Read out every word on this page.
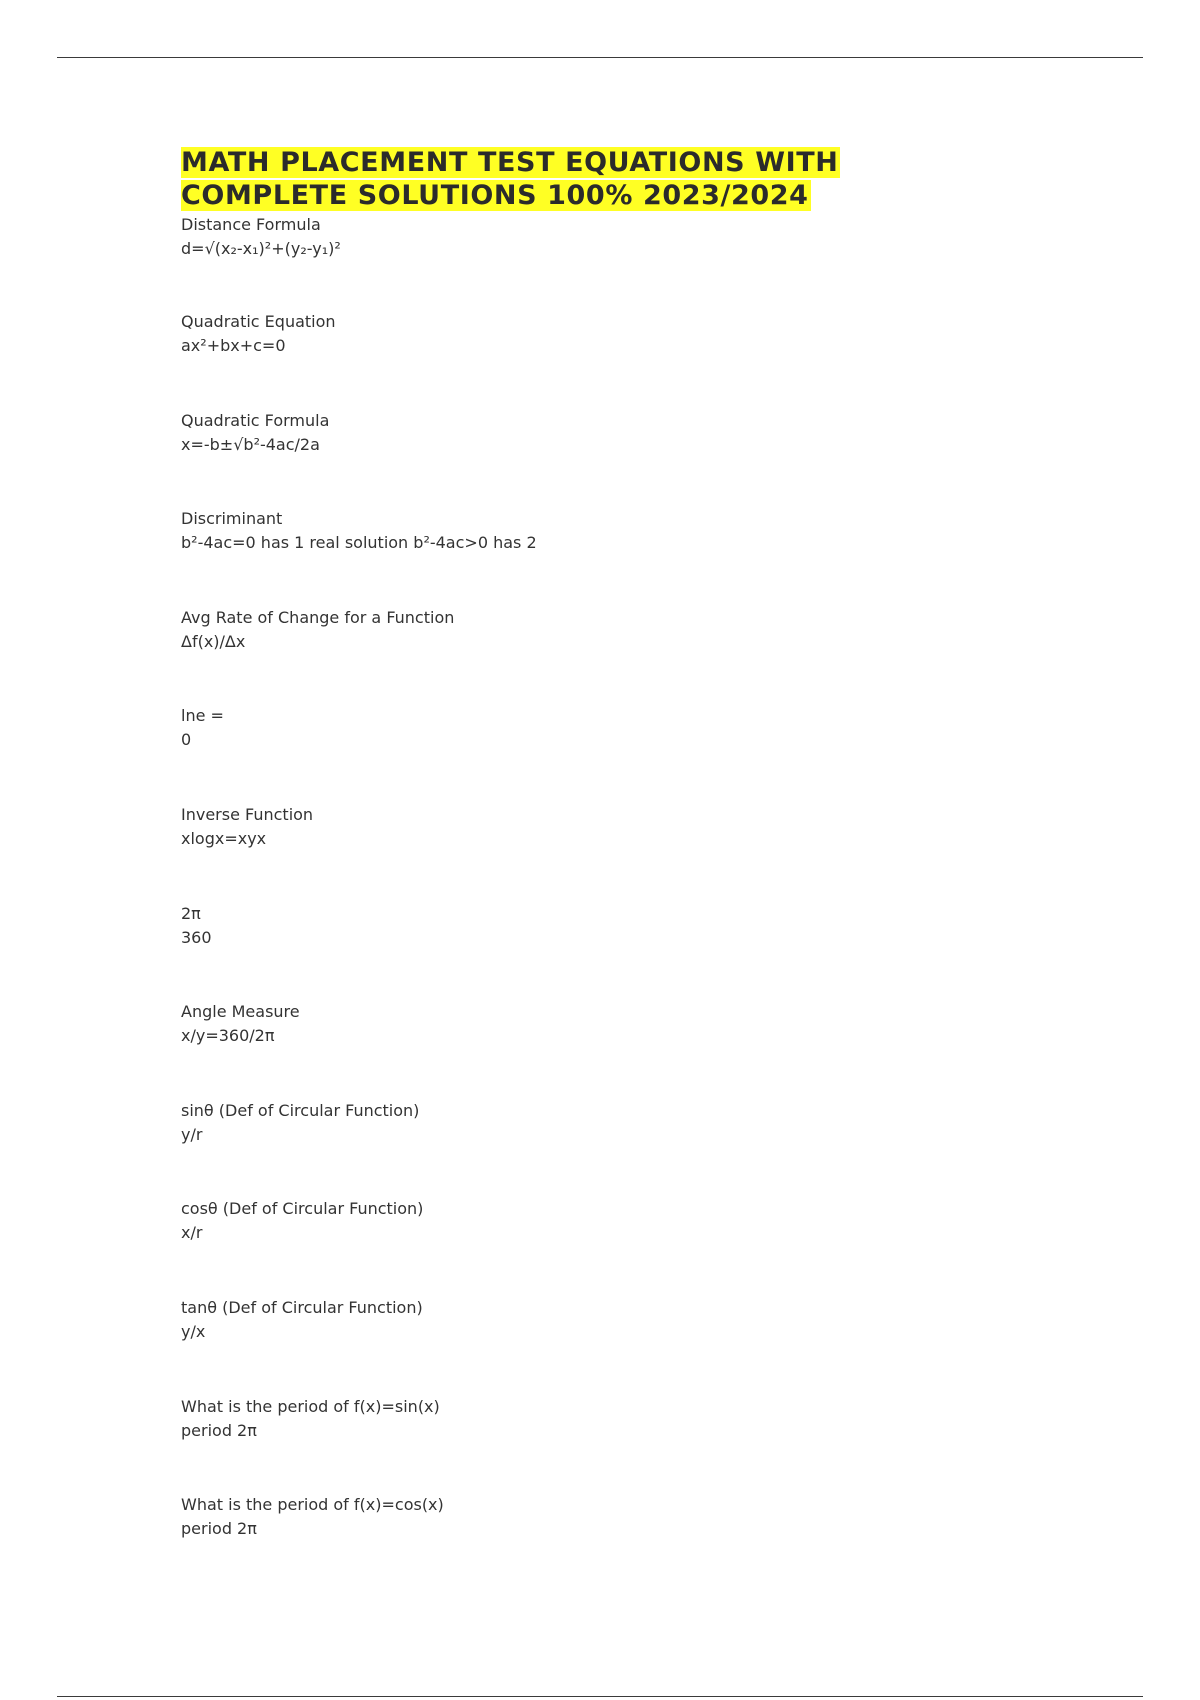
MATH PLACEMENT TEST EQUATIONS WITH
COMPLETE SOLUTIONS 100% 2023/2024
Distance Formula
d=√(x₂-x₁)²+(y₂-y₁)²
Quadratic Equation
ax²+bx+c=0
Quadratic Formula
x=-b±√b²-4ac/2a
Discriminant
b²-4ac=0 has 1 real solution b²-4ac>0 has 2
Avg Rate of Change for a Function
Δf(x)/Δx
lne =
0
Inverse Function
xlogx=xyx
2π
360
Angle Measure
x/y=360/2π
sinθ (Def of Circular Function)
y/r
cosθ (Def of Circular Function)
x/r
tanθ (Def of Circular Function)
y/x
What is the period of f(x)=sin(x)
period 2π
What is the period of f(x)=cos(x)
period 2π
